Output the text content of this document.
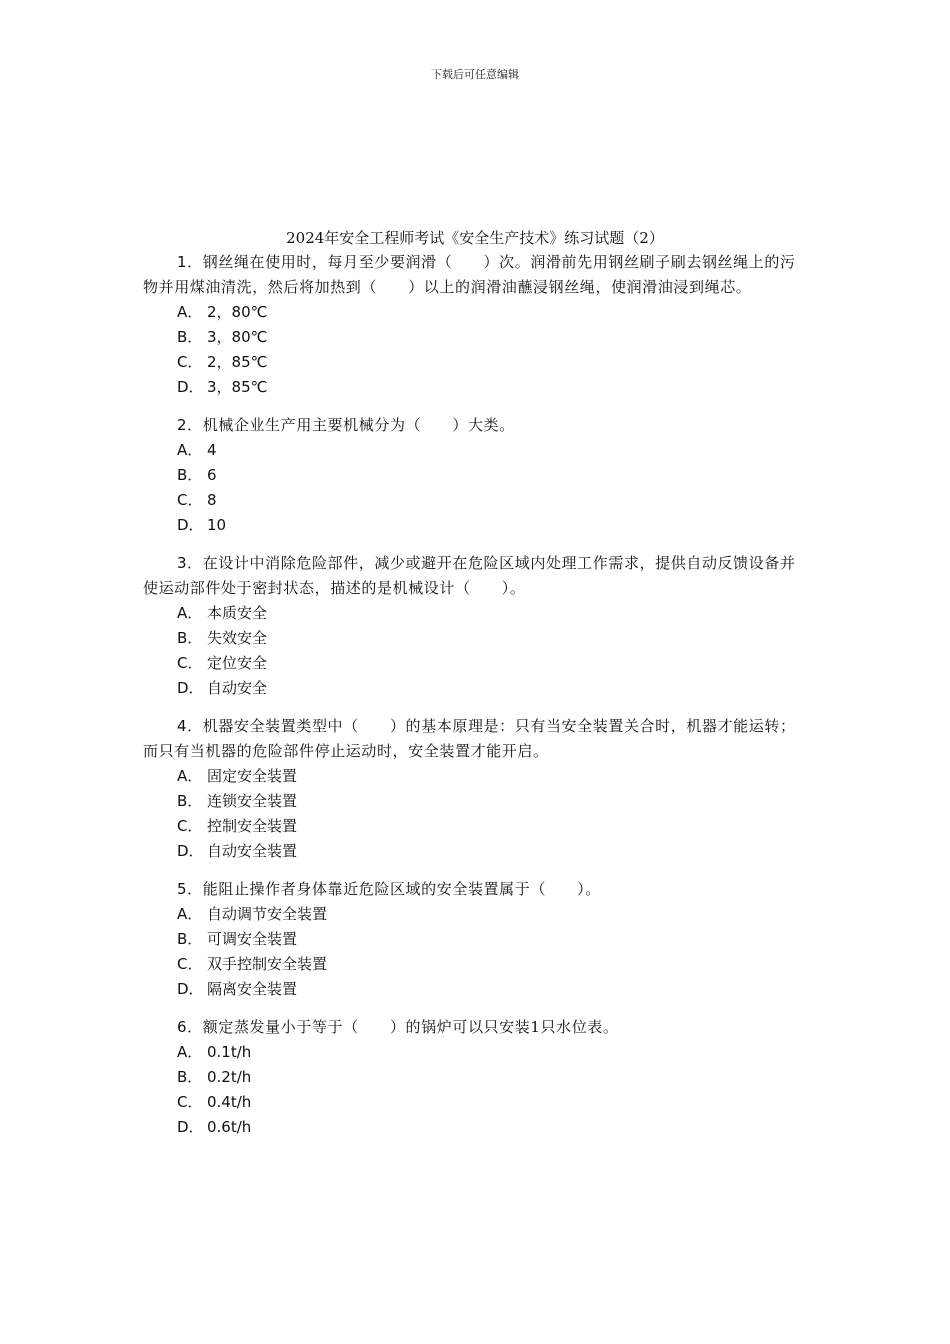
下载后可任意编辑
2024年安全工程师考试《安全生产技术》练习试题（2）

1．钢丝绳在使用时，每月至少要润滑（　　）次。润滑前先用钢丝刷子刷去钢丝绳上的污物并用煤油清洗，然后将加热到（　　）以上的润滑油蘸浸钢丝绳，使润滑油浸到绳芯。

A． 2，80℃
B． 3，80℃
C． 2，85℃
D． 3，85℃

2．机械企业生产用主要机械分为（　　）大类。

A． 4
B． 6
C． 8
D． 10

3．在设计中消除危险部件，减少或避开在危险区域内处理工作需求，提供自动反馈设备并使运动部件处于密封状态，描述的是机械设计（　　）。

A． 本质安全
B． 失效安全
C． 定位安全
D． 自动安全

4．机器安全装置类型中（　　）的基本原理是：只有当安全装置关合时，机器才能运转；而只有当机器的危险部件停止运动时，安全装置才能开启。

A． 固定安全装置
B． 连锁安全装置
C． 控制安全装置
D． 自动安全装置

5．能阻止操作者身体靠近危险区域的安全装置属于（　　）。

A． 自动调节安全装置
B． 可调安全装置
C． 双手控制安全装置
D． 隔离安全装置

6．额定蒸发量小于等于（　　）的锅炉可以只安装1只水位表。

A． 0.1t/h
B． 0.2t/h
C． 0.4t/h
D． 0.6t/h
